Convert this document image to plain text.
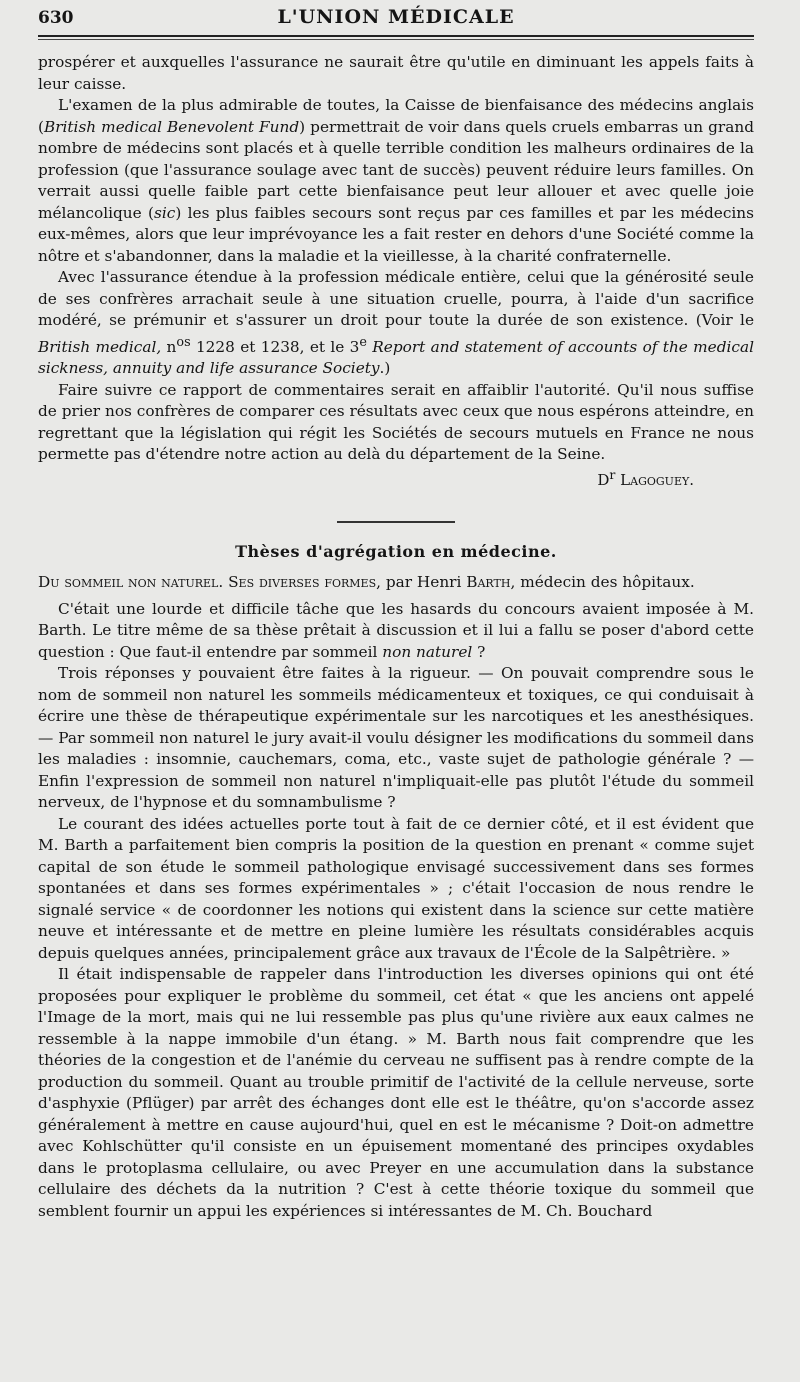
630	L'UNION MÉDICALE

prospérer et auxquelles l'assurance ne saurait être qu'utile en diminuant les appels faits à leur caisse.

L'examen de la plus admirable de toutes, la Caisse de bienfaisance des médecins anglais (British medical Benevolent Fund) permettrait de voir dans quels cruels embarras un grand nombre de médecins sont placés et à quelle terrible condition les malheurs ordinaires de la profession (que l'assurance soulage avec tant de succès) peuvent réduire leurs familles. On verrait aussi quelle faible part cette bienfaisance peut leur allouer et avec quelle joie mélancolique (sic) les plus faibles secours sont reçus par ces familles et par les médecins eux-mêmes, alors que leur imprévoyance les a fait rester en dehors d'une Société comme la nôtre et s'abandonner, dans la maladie et la vieillesse, à la charité confraternelle.

Avec l'assurance étendue à la profession médicale entière, celui que la générosité seule de ses confrères arrachait seule à une situation cruelle, pourra, à l'aide d'un sacrifice modéré, se prémunir et s'assurer un droit pour toute la durée de son existence. (Voir le British medical, $n^{os}$ 1228 et 1238, et le 3e Report and statement of accounts of the medical sickness, annuity and life assurance Society.)

Faire suivre ce rapport de commentaires serait en affaiblir l'autorité. Qu'il nous suffise de prier nos confrères de comparer ces résultats avec ceux que nous espérons atteindre, en regrettant que la législation qui régit les Sociétés de secours mutuels en France ne nous permette pas d'étendre notre action au delà du département de la Seine.

$D^r$ Lagoguey.
Thèses d'agrégation en médecine.

Du sommeil non naturel. Ses diverses formes, par Henri Barth, médecin des hôpitaux.

C'était une lourde et difficile tâche que les hasards du concours avaient imposée à M. Barth. Le titre même de sa thèse prêtait à discussion et il lui a fallu se poser d'abord cette question : Que faut-il entendre par sommeil non naturel ?

Trois réponses y pouvaient être faites à la rigueur. — On pouvait comprendre sous le nom de sommeil non naturel les sommeils médicamenteux et toxiques, ce qui conduisait à écrire une thèse de thérapeutique expérimentale sur les narcotiques et les anesthésiques. — Par sommeil non naturel le jury avait-il voulu désigner les modifications du sommeil dans les maladies : insomnie, cauchemars, coma, etc., vaste sujet de pathologie générale ? — Enfin l'expression de sommeil non naturel n'impliquait-elle pas plutôt l'étude du sommeil nerveux, de l'hypnose et du somnambulisme ?

Le courant des idées actuelles porte tout à fait de ce dernier côté, et il est évident que M. Barth a parfaitement bien compris la position de la question en prenant « comme sujet capital de son étude le sommeil pathologique envisagé successivement dans ses formes spontanées et dans ses formes expérimentales » ; c'était l'occasion de nous rendre le signalé service « de coordonner les notions qui existent dans la science sur cette matière neuve et intéressante et de mettre en pleine lumière les résultats considérables acquis depuis quelques années, principalement grâce aux travaux de l'École de la Salpêtrière. »

Il était indispensable de rappeler dans l'introduction les diverses opinions qui ont été proposées pour expliquer le problème du sommeil, cet état « que les anciens ont appelé l'Image de la mort, mais qui ne lui ressemble pas plus qu'une rivière aux eaux calmes ne ressemble à la nappe immobile d'un étang. » M. Barth nous fait comprendre que les théories de la congestion et de l'anémie du cerveau ne suffisent pas à rendre compte de la production du sommeil. Quant au trouble primitif de l'activité de la cellule nerveuse, sorte d'asphyxie (Pflüger) par arrêt des échanges dont elle est le théâtre, qu'on s'accorde assez généralement à mettre en cause aujourd'hui, quel en est le mécanisme ? Doit-on admettre avec Kohlschütter qu'il consiste en un épuisement momentané des principes oxydables dans le protoplasma cellulaire, ou avec Preyer en une accumulation dans la substance cellulaire des déchets da la nutrition ? C'est à cette théorie toxique du sommeil que semblent fournir un appui les expériences si intéressantes de M. Ch. Bouchard
